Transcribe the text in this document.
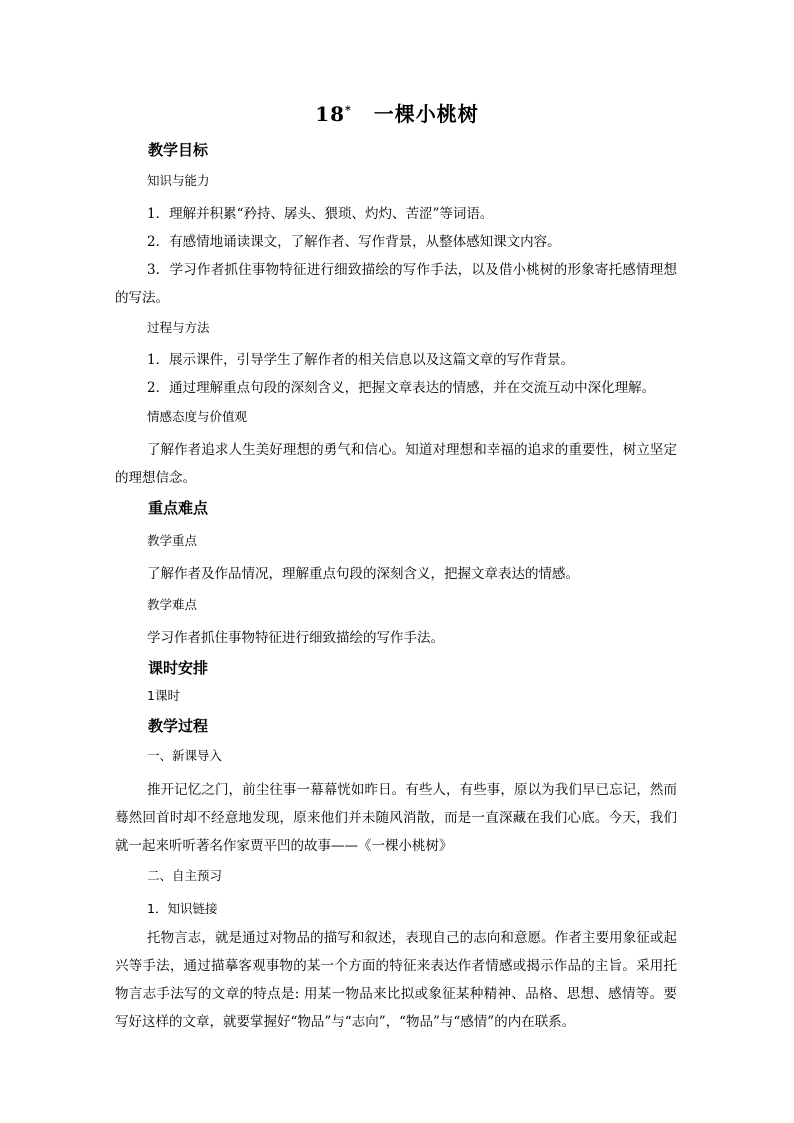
18* 一棵小桃树
教学目标
知识与能力
1．理解并积累“矜持、孱头、猥琐、灼灼、苦涩”等词语。
2．有感情地诵读课文，了解作者、写作背景，从整体感知课文内容。
3．学习作者抓住事物特征进行细致描绘的写作手法，以及借小桃树的形象寄托感情理想的写法。
过程与方法
1．展示课件，引导学生了解作者的相关信息以及这篇文章的写作背景。
2．通过理解重点句段的深刻含义，把握文章表达的情感，并在交流互动中深化理解。
情感态度与价值观
了解作者追求人生美好理想的勇气和信心。知道对理想和幸福的追求的重要性，树立坚定的理想信念。
重点难点
教学重点
了解作者及作品情况，理解重点句段的深刻含义，把握文章表达的情感。
教学难点
学习作者抓住事物特征进行细致描绘的写作手法。
课时安排
1课时
教学过程
一、新课导入
推开记忆之门，前尘往事一幕幕恍如昨日。有些人，有些事，原以为我们早已忘记，然而蓦然回首时却不经意地发现，原来他们并未随风消散，而是一直深藏在我们心底。今天，我们就一起来听听著名作家贾平凹的故事——《一棵小桃树》
二、自主预习
1．知识链接
托物言志，就是通过对物品的描写和叙述，表现自己的志向和意愿。作者主要用象征或起兴等手法，通过描摹客观事物的某一个方面的特征来表达作者情感或揭示作品的主旨。采用托物言志手法写的文章的特点是: 用某一物品来比拟或象征某种精神、品格、思想、感情等。要写好这样的文章，就要掌握好“物品”与“志向”，“物品”与“感情”的内在联系。
